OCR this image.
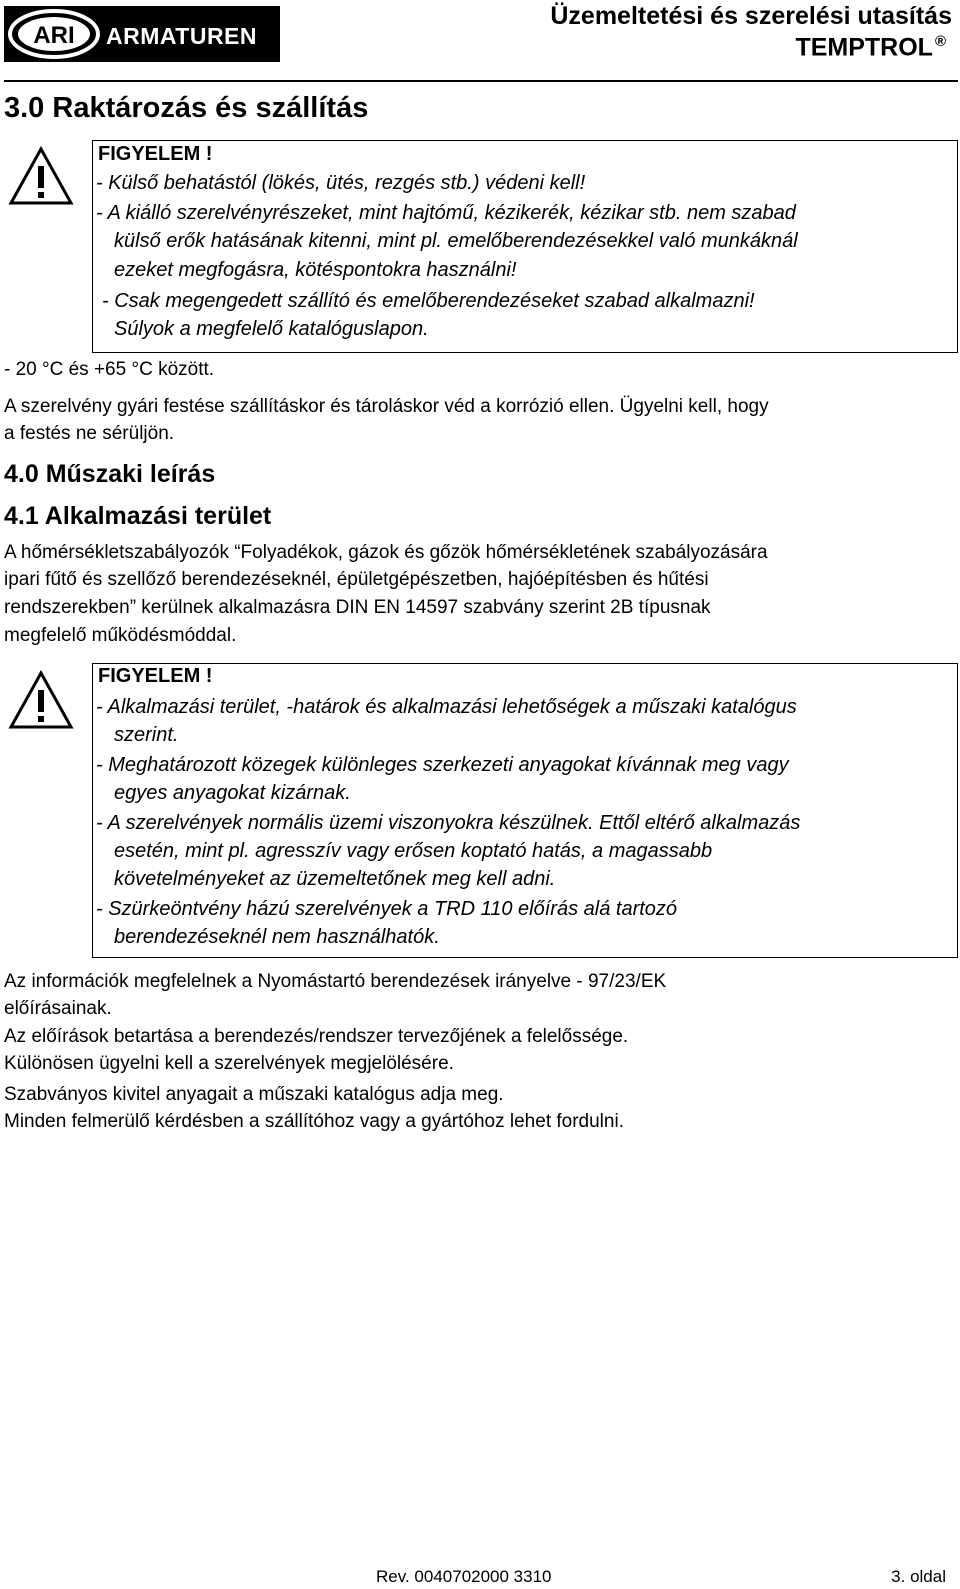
ARI ARMATUREN
Üzemeltetési és szerelési utasítás
TEMPTROL ®
3.0 Raktározás és szállítás
FIGYELEM !
- Külső behatástól (lökés, ütés, rezgés stb.) védeni kell!
- A kiálló szerelvényrészeket, mint hajtómű, kézikerék, kézikar stb. nem szabad
külső erők hatásának kitenni, mint pl. emelőberendezésekkel való munkáknál
ezeket megfogásra, kötéspontokra használni!
- Csak megengedett szállító és emelőberendezéseket szabad alkalmazni!
Súlyok a megfelelő katalóguslapon.
- 20 °C és +65 °C között.
A szerelvény gyári festése szállításkor és tároláskor véd a korrózió ellen. Ügyelni kell, hogy
a festés ne sérüljön.
4.0 Műszaki leírás
4.1 Alkalmazási terület
A hőmérsékletszabályozók “Folyadékok, gázok és gőzök hőmérsékletének szabályozására
ipari fűtő és szellőző berendezéseknél, épületgépészetben, hajóépítésben és hűtési
rendszerekben” kerülnek alkalmazásra DIN EN 14597 szabvány szerint 2B típusnak
megfelelő működésmóddal.
FIGYELEM !
- Alkalmazási terület, -határok és alkalmazási lehetőségek a műszaki katalógus
szerint.
- Meghatározott közegek különleges szerkezeti anyagokat kívánnak meg vagy
egyes anyagokat kizárnak.
- A szerelvények normális üzemi viszonyokra készülnek. Ettől eltérő alkalmazás
esetén, mint pl. agresszív vagy erősen koptató hatás, a magassabb
követelményeket az üzemeltetőnek meg kell adni.
- Szürkeöntvény házú szerelvények a TRD 110 előírás alá tartozó
berendezéseknél nem használhatók.
Az információk megfelelnek a Nyomástartó berendezések irányelve - 97/23/EK
előírásainak.
Az előírások betartása a berendezés/rendszer tervezőjének a felelőssége.
Különösen ügyelni kell a szerelvények megjelölésére.
Szabványos kivitel anyagait a műszaki katalógus adja meg.
Minden felmerülő kérdésben a szállítóhoz vagy a gyártóhoz lehet fordulni.
Rev. 0040702000 3310	3. oldal
